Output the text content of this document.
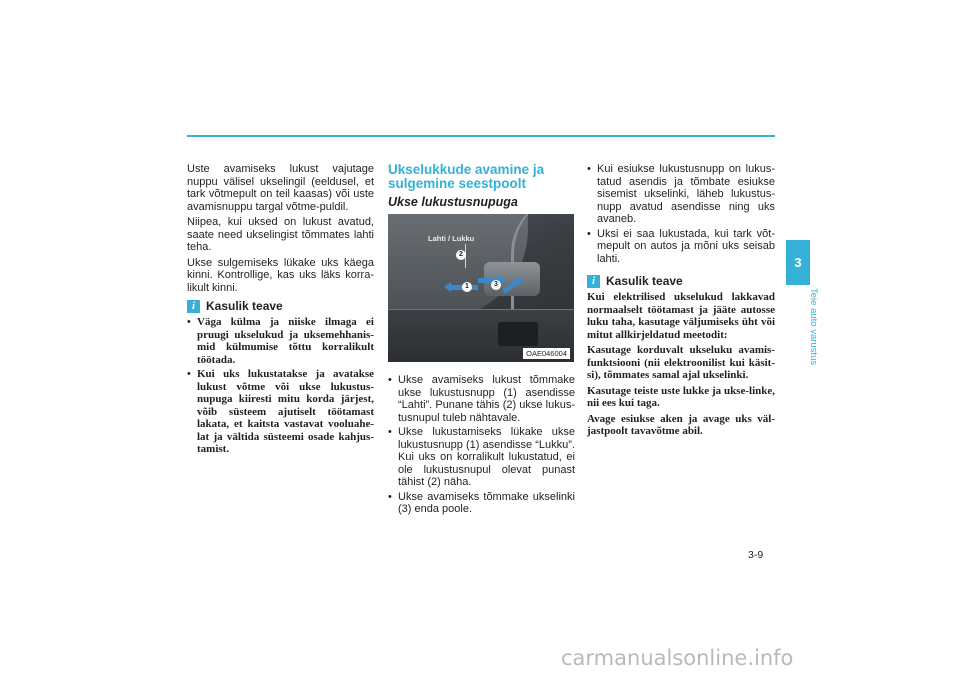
Uste avamiseks lukust vajutage nuppu välisel ukselingil (eeldusel, et tark võtmepult on teil kaasas) või uste avamisnuppu targal võtme-puldil.

Niipea, kui uksed on lukust avatud, saate need ukselingist tõmmates lahti teha.

Ukse sulgemiseks lükake uks käega kinni. Kontrollige, kas uks läks korra-likult kinni.

i Kasulik teave
• Väga külma ja niiske ilmaga ei pruugi ukselukud ja uksemehhanis-mid külmumise tõttu korralikult töötada.
• Kui uks lukustatakse ja avatakse lukust võtme või ukse lukustus-nupuga kiiresti mitu korda järjest, võib süsteem ajutiselt töötamast lakata, et kaitsta vastavat vooluahe-lat ja vältida süsteemi osade kahjus-tamist.
Ukselukkude avamine ja sulgemine seestpoolt
Ukse lukustusnupuga
Lahti / Lukku
1
2
3
OAE046004
• Ukse avamiseks lukust tõmmake ukse lukustusnupp (1) asendisse “Lahti”. Punane tähis (2) ukse lukus-tusnupul tuleb nähtavale.
• Ukse lukustamiseks lükake ukse lukustusnupp (1) asendisse “Lukku”. Kui uks on korralikult lukustatud, ei ole lukustusnupul olevat punast tähist (2) näha.
• Ukse avamiseks tõmmake ukselinki (3) enda poole.
• Kui esiukse lukustusnupp on lukus-tatud asendis ja tõmbate esiukse sisemist ukselinki, läheb lukustus-nupp avatud asendisse ning uks avaneb.
• Uksi ei saa lukustada, kui tark võt-mepult on autos ja mõni uks seisab lahti.
i Kasulik teave

Kui elektrilised ukselukud lakkavad normaalselt töötamast ja jääte autosse luku taha, kasutage väljumiseks üht või mitut allkirjeldatud meetodit:

Kasutage korduvalt ukseluku avamis-funktsiooni (nii elektroonilist kui käsit-si), tõmmates samal ajal ukselinki.

Kasutage teiste uste lukke ja ukse-linke, nii ees kui taga.

Avage esiukse aken ja avage uks väl-jastpoolt tavavõtme abil.

3
Teie auto varustus
3-9
carmanualsonline.info
